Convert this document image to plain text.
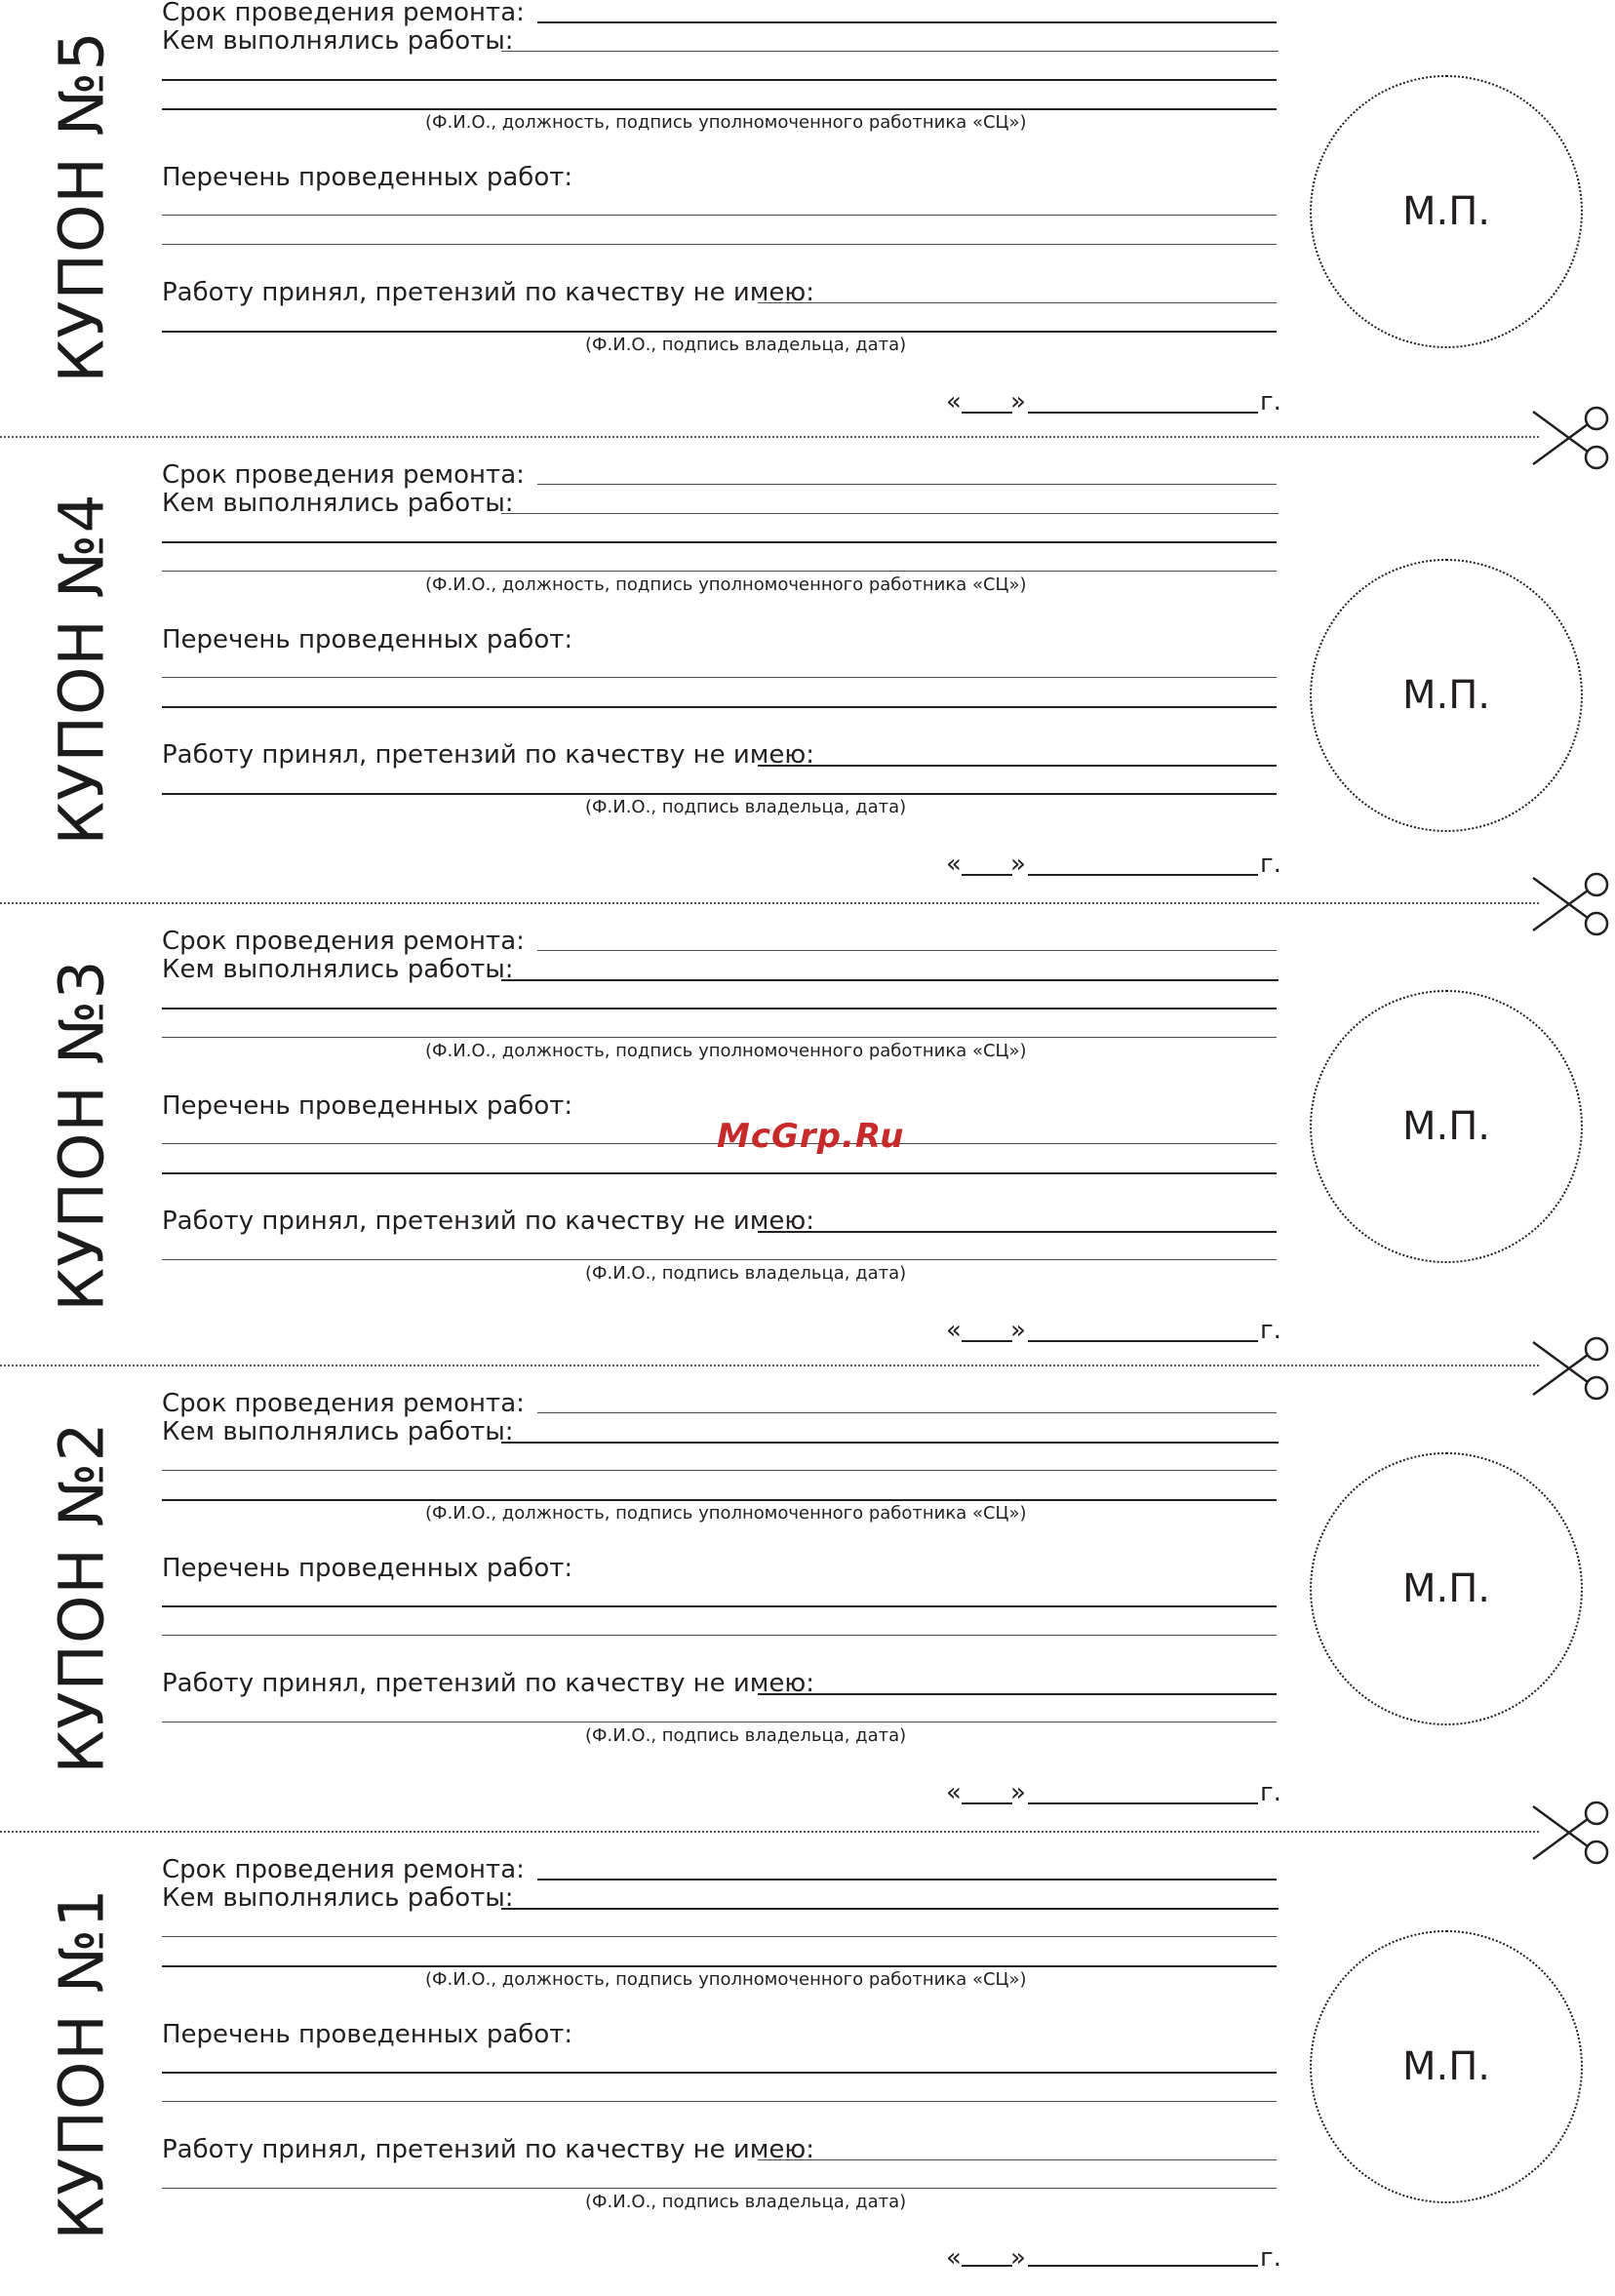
КУПОН №5
Срок проведения ремонта:
Кем выполнялись работы:
(Ф.И.О., должность, подпись уполномоченного работника «СЦ»)
Перечень проведенных работ:
Работу принял, претензий по качеству не имею:
(Ф.И.О., подпись владельца, дата)
« »	г.
М.П.
КУПОН №4
Срок проведения ремонта:
Кем выполнялись работы:
(Ф.И.О., должность, подпись уполномоченного работника «СЦ»)
Перечень проведенных работ:
Работу принял, претензий по качеству не имею:
(Ф.И.О., подпись владельца, дата)
« »	г.
М.П.
КУПОН №3
Срок проведения ремонта:
Кем выполнялись работы:
(Ф.И.О., должность, подпись уполномоченного работника «СЦ»)
Перечень проведенных работ:
Работу принял, претензий по качеству не имею:
(Ф.И.О., подпись владельца, дата)
« »	г.
М.П.
КУПОН №2
Срок проведения ремонта:
Кем выполнялись работы:
(Ф.И.О., должность, подпись уполномоченного работника «СЦ»)
Перечень проведенных работ:
Работу принял, претензий по качеству не имею:
(Ф.И.О., подпись владельца, дата)
« »	г.
М.П.
КУПОН №1
Срок проведения ремонта:
Кем выполнялись работы:
(Ф.И.О., должность, подпись уполномоченного работника «СЦ»)
Перечень проведенных работ:
Работу принял, претензий по качеству не имею:
(Ф.И.О., подпись владельца, дата)
« »	г.
М.П.
McGrp.Ru
